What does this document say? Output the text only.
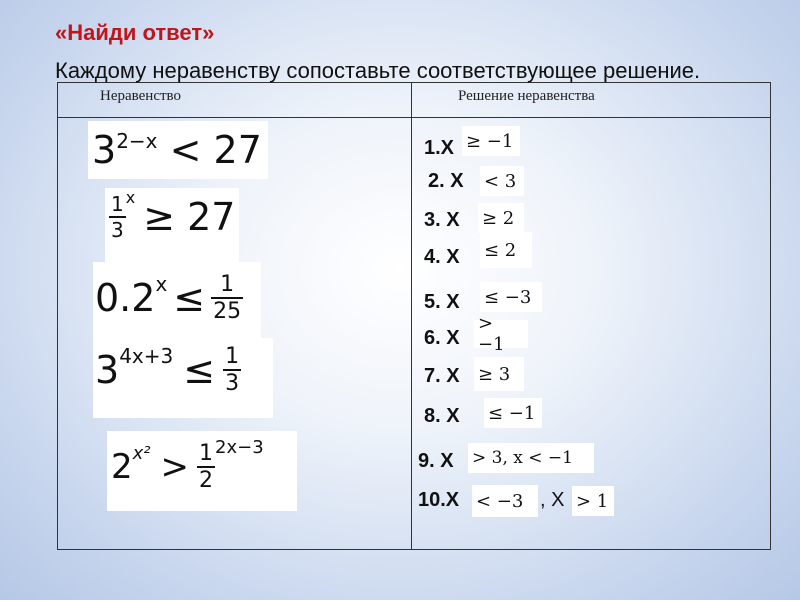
«Найди ответ»
Неравенство	Решение неравенства
Каждому неравенству сопоставьте соответствующее решение.
$3^{2-x} < 27$
$\frac{1}{3}$ x ≥ 27
0.2 $x \le \frac{1}{25}$
3 $4x+3 \le \frac{1}{3}$
2 $x^2 > \frac{1}{2} 2x-3$
1.X ≥ −1
2. X < 3
3. X ≥ 2
4. X ≤ 2
5. X ≤ −3
6. X
> −1
7. X ≥ 3
8. X ≤ −1
9. X > 3, x < −1
10.X < −3 , X > 1
